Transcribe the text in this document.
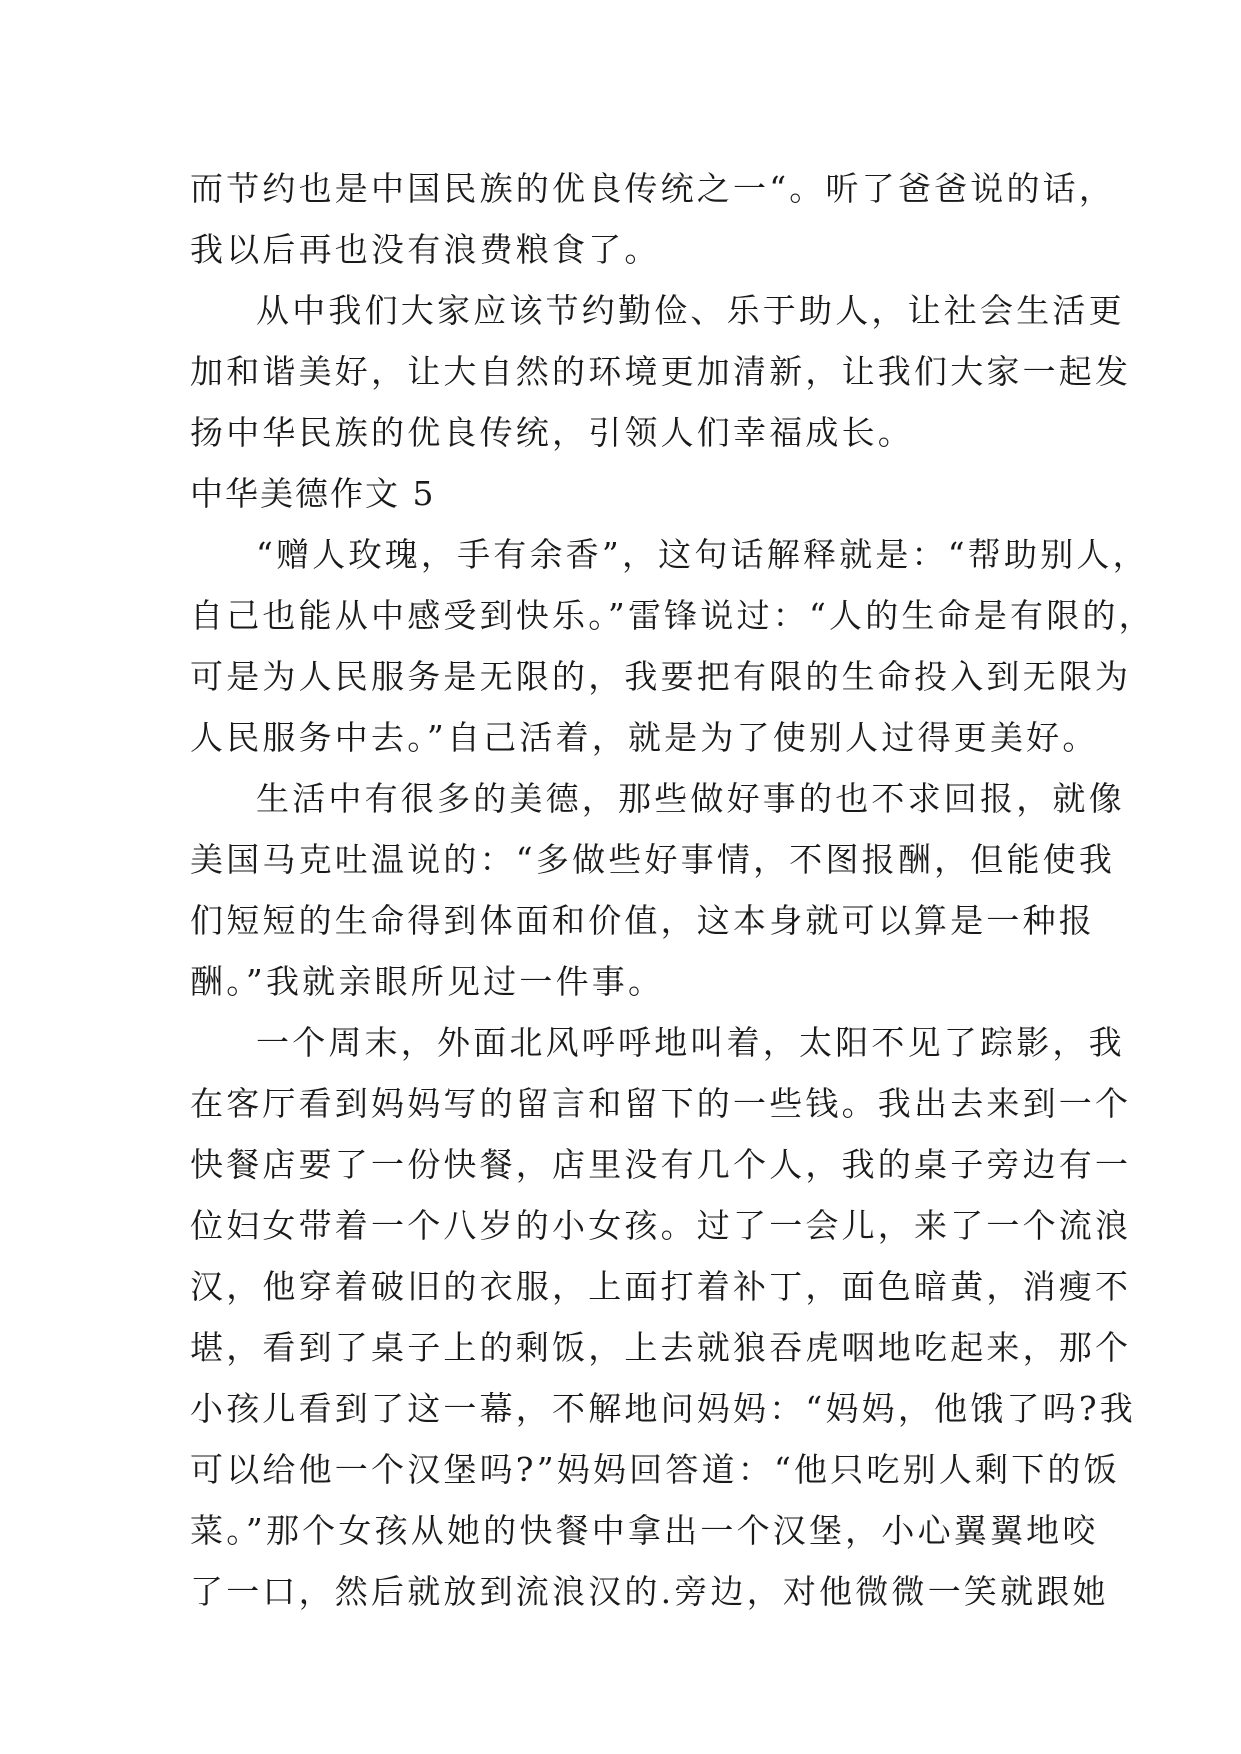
而节约也是中国民族的优良传统之一“。听了爸爸说的话，
我以后再也没有浪费粮食了。
从中我们大家应该节约勤俭、乐于助人，让社会生活更
加和谐美好，让大自然的环境更加清新，让我们大家一起发
扬中华民族的优良传统，引领人们幸福成长。
中华美德作文 5
“赠人玫瑰，手有余香”，这句话解释就是：“帮助别人，
自己也能从中感受到快乐。”雷锋说过：“人的生命是有限的，
可是为人民服务是无限的，我要把有限的生命投入到无限为
人民服务中去。”自己活着，就是为了使别人过得更美好。
生活中有很多的美德，那些做好事的也不求回报，就像
美国马克吐温说的：“多做些好事情，不图报酬，但能使我
们短短的生命得到体面和价值，这本身就可以算是一种报
酬。”我就亲眼所见过一件事。
一个周末，外面北风呼呼地叫着，太阳不见了踪影，我
在客厅看到妈妈写的留言和留下的一些钱。我出去来到一个
快餐店要了一份快餐，店里没有几个人，我的桌子旁边有一
位妇女带着一个八岁的小女孩。过了一会儿，来了一个流浪
汉，他穿着破旧的衣服，上面打着补丁，面色暗黄，消瘦不
堪，看到了桌子上的剩饭，上去就狼吞虎咽地吃起来，那个
小孩儿看到了这一幕，不解地问妈妈：“妈妈，他饿了吗?我
可以给他一个汉堡吗?”妈妈回答道：“他只吃别人剩下的饭
菜。”那个女孩从她的快餐中拿出一个汉堡，小心翼翼地咬
了一口，然后就放到流浪汉的.旁边，对他微微一笑就跟她
